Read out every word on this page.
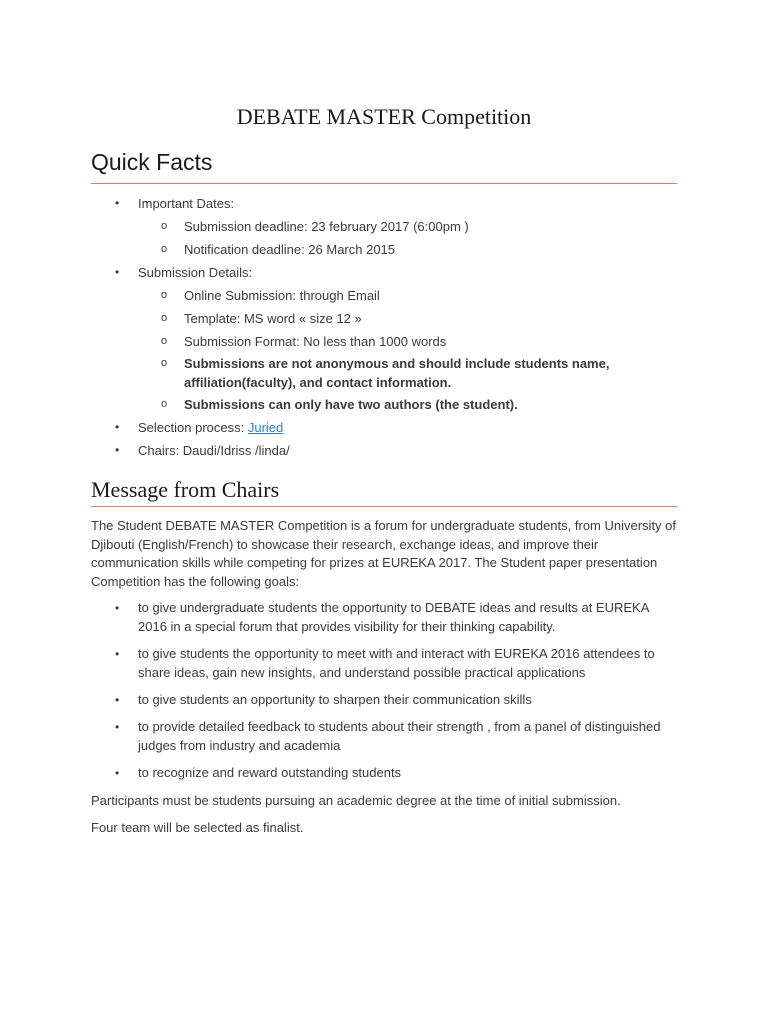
DEBATE MASTER Competition
Quick Facts
• Important Dates:
o Submission deadline: 23 february 2017 (6:00pm )
o Notification deadline: 26 March 2015
• Submission Details:
o Online Submission: through Email
o Template: MS word « size 12 »
o Submission Format: No less than 1000 words
o Submissions are not anonymous and should include students name, affiliation(faculty), and contact information.
o Submissions can only have two authors (the student).
• Selection process: Juried
• Chairs: Daudi/Idriss /linda/
Message from Chairs
The Student DEBATE MASTER Competition is a forum for undergraduate students, from University of Djibouti (English/French) to showcase their research, exchange ideas, and improve their communication skills while competing for prizes at EUREKA 2017. The Student paper presentation Competition has the following goals:
• to give undergraduate students the opportunity to DEBATE ideas and results at EUREKA 2016 in a special forum that provides visibility for their thinking capability.
• to give students the opportunity to meet with and interact with EUREKA 2016 attendees to share ideas, gain new insights, and understand possible practical applications
• to give students an opportunity to sharpen their communication skills
• to provide detailed feedback to students about their strength , from a panel of distinguished judges from industry and academia
• to recognize and reward outstanding students
Participants must be students pursuing an academic degree at the time of initial submission.
Four team will be selected as finalist.
